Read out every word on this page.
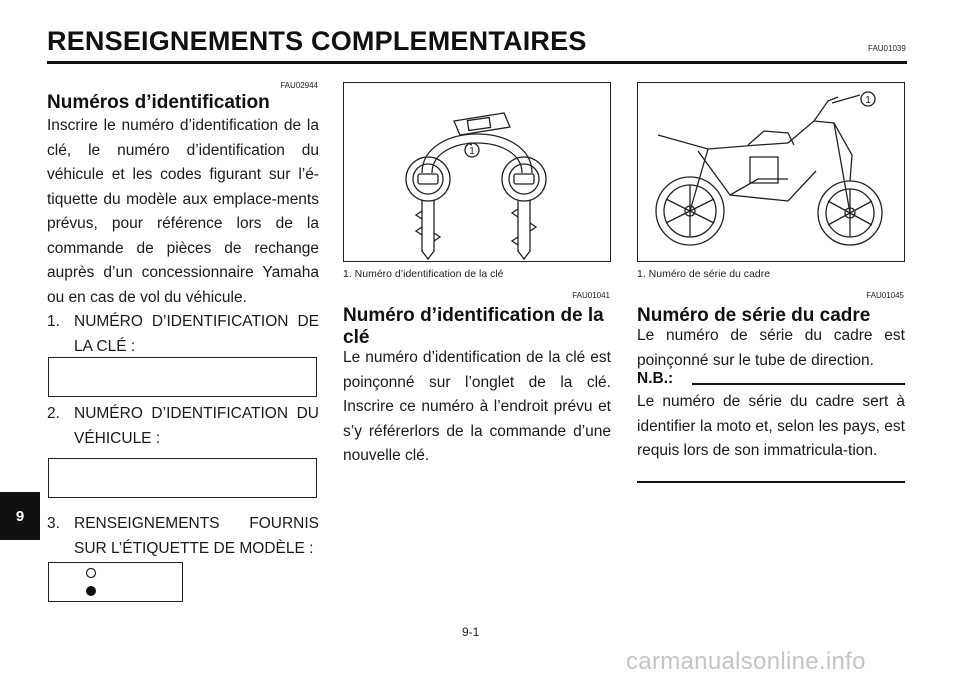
RENSEIGNEMENTS COMPLEMENTAIRES	FAU01039
FAU02944
Numéros d’identification
Inscrire le numéro d’identification de la clé, le numéro d’identification du véhicule et les codes figurant sur l’é-tiquette du modèle aux emplace-ments prévus, pour référence lors de la commande de pièces de rechange auprès d’un concessionnaire Yamaha ou en cas de vol du véhicule.
1. NUMÉRO D’IDENTIFICATION DE LA CLÉ :
2. NUMÉRO D’IDENTIFICATION DU VÉHICULE :
3. RENSEIGNEMENTS FOURNIS SUR L’ÉTIQUETTE DE MODÈLE :
1
1. Numéro d’identification de la clé
FAU01041
Numéro d’identification de la clé
Le numéro d’identification de la clé est poinçonné sur l’onglet de la clé. Inscrire ce numéro à l’endroit prévu et s’y référerlors de la commande d’une nouvelle clé.
1
1. Numéro de série du cadre
FAU01045
Numéro de série du cadre
Le numéro de série du cadre est poinçonné sur le tube de direction.
N.B.:
Le numéro de série du cadre sert à identifier la moto et, selon les pays, est requis lors de son immatricula-tion.
9
9-1
carmanualsonline.info
